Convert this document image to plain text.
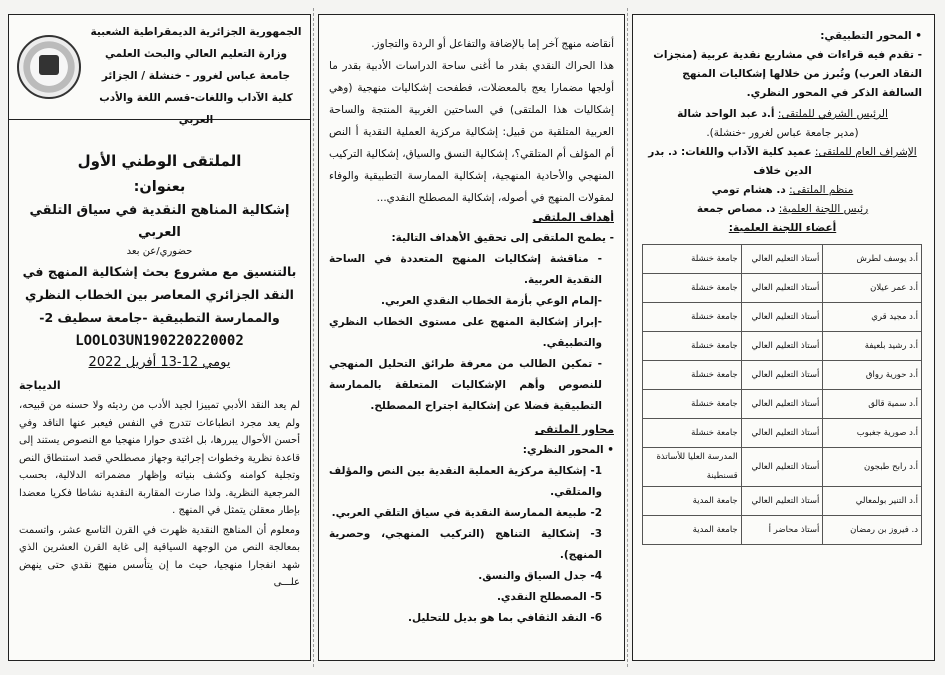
الجمهورية الجزائرية الديمقراطية الشعبية
وزارة التعليم العالي والبحث العلمي
جامعة عباس لغرور - خنشلة / الجزائر
كلية الآداب واللغات-قسم اللغة والأدب العربي
الملتقى الوطني الأول
بعنوان:
إشكالية المناهج النقدية في سياق التلقي العربي
حضوري/عن بعد
بالتنسيق مع مشروع بحث إشكالية المنهج في النقد الجزائري المعاصر بين الخطاب النظري والممارسة التطبيقية -جامعة سطيف 2-
LOOLO3UN190220220002
يومي 12-13 أفريل 2022
الديباجة
لم يعد النقد الأدبي تمييزا لجيد الأدب من رديئه ولا حسنه من قبيحه، ولم يعد مجرد انطباعات تتدرج في النفس فيعبر عنها الناقد وفي أحسن الأحوال يبررها، بل اغتدى حوارا منهجيا مع النصوص يستند إلى قاعدة نظرية وخطوات إجرائية وجهاز مصطلحي قصد استنطاق النص وتجلية كوامنه وكشف بنياته وإظهار مضمراته الدلالية، بحسب المرجعية النظرية. ولذا صارت المقاربة النقدية نشاطا فكريا معضدا بإطار معقلن يتمثل في المنهج .
ومعلوم أن المناهج النقدية ظهرت في القرن التاسع عشر، واتسمت بمعالجة النص من الوجهة السياقية إلى غاية القرن العشرين الذي شهد انفجارا منهجيا، حيث ما إن يتأسس منهج نقدي حتى ينهض علـــى

أنقاضه منهج آخر إما بالإضافة والتفاعل أو الردة والتجاوز.

هذا الحراك النقدي بقدر ما أغنى ساحة الدراسات الأدبية بقدر ما أولجها مضمارا يعج بالمعضلات، فطفحت إشكاليات منهجية (وهي إشكاليات هذا الملتقى) في الساحتين الغربية المنتجة والساحة العربية المتلقية من قبيل: إشكالية مركزية العملية النقدية أ النص أم المؤلف أم المتلقي؟، إشكالية النسق والسياق، إشكالية التركيب المنهجي والأحادية المنهجية، إشكالية الممارسة التطبيقية والوفاء لمقولات المنهج في أصوله، إشكالية المصطلح النقدي...

أهداف الملتقى
- يطمح الملتقى إلى تحقيق الأهداف التالية:
- مناقشة إشكاليات المنهج المتعددة في الساحة النقدية العربية.
-إلمام الوعي بأزمة الخطاب النقدي العربي.
-إبراز إشكالية المنهج على مستوى الخطاب النظري والتطبيقي.
- تمكين الطالب من معرفة طرائق التحليل المنهجي للنصوص وأهم الإشكاليات المتعلقة بالممارسة التطبيقية فضلا عن إشكالية اجتراح المصطلح.
محاور الملتقى
• المحور النظري:
1- إشكالية مركزية العملية النقدية بين النص والمؤلف والمتلقي.
2- طبيعة الممارسة النقدية في سياق التلقي العربي.
3- إشكالية التناهج (التركيب المنهجي، وحصرية المنهج).
4- جدل السياق والنسق.
5- المصطلح النقدي.
6- النقد الثقافي بما هو بديل للتحليل.
• المحور التطبيقي:
- تقدم فيه قراءات في مشاريع نقدية عربية (منجزات النقاد العرب) وتُبرز من خلالها إشكاليات المنهج السالفة الذكر في المحور النظري.
الرئيس الشرفي للملتقى: أ.د عبد الواحد شالة
(مدير جامعة عباس لغرور -خنشلة).
الإشراف العام للملتقى: عميد كلية الآداب واللغات: د. بدر الدين خلاف
منظم الملتقى: د. هشام تومي
رئيس اللجنة العلمية: د. مصاص جمعة
أعضاء اللجنة العلمية:
أ.د يوسف لطرش	أستاذ التعليم العالي	جامعة خنشلة
أ.د عمر عيلان	أستاذ التعليم العالي	جامعة خنشلة
أ.د مجيد قري	أستاذ التعليم العالي	جامعة خنشلة
أ.د رشيد بلعيفة	أستاذ التعليم العالي	جامعة خنشلة
أ.د حورية رواق	أستاذ التعليم العالي	جامعة خنشلة
أ.د سمية قالق	أستاذ التعليم العالي	جامعة خنشلة
أ.د صورية جغبوب	أستاذ التعليم العالي	جامعة خنشلة
أ.د رابح طبجون	أستاذ التعليم العالي	المدرسة العليا للأساتذة قسنطينة
أ.د التنير بولمعالي	أستاذ التعليم العالي	جامعة المدية
د. فيروز بن رمضان	أستاذ محاضر أ	جامعة المدية
